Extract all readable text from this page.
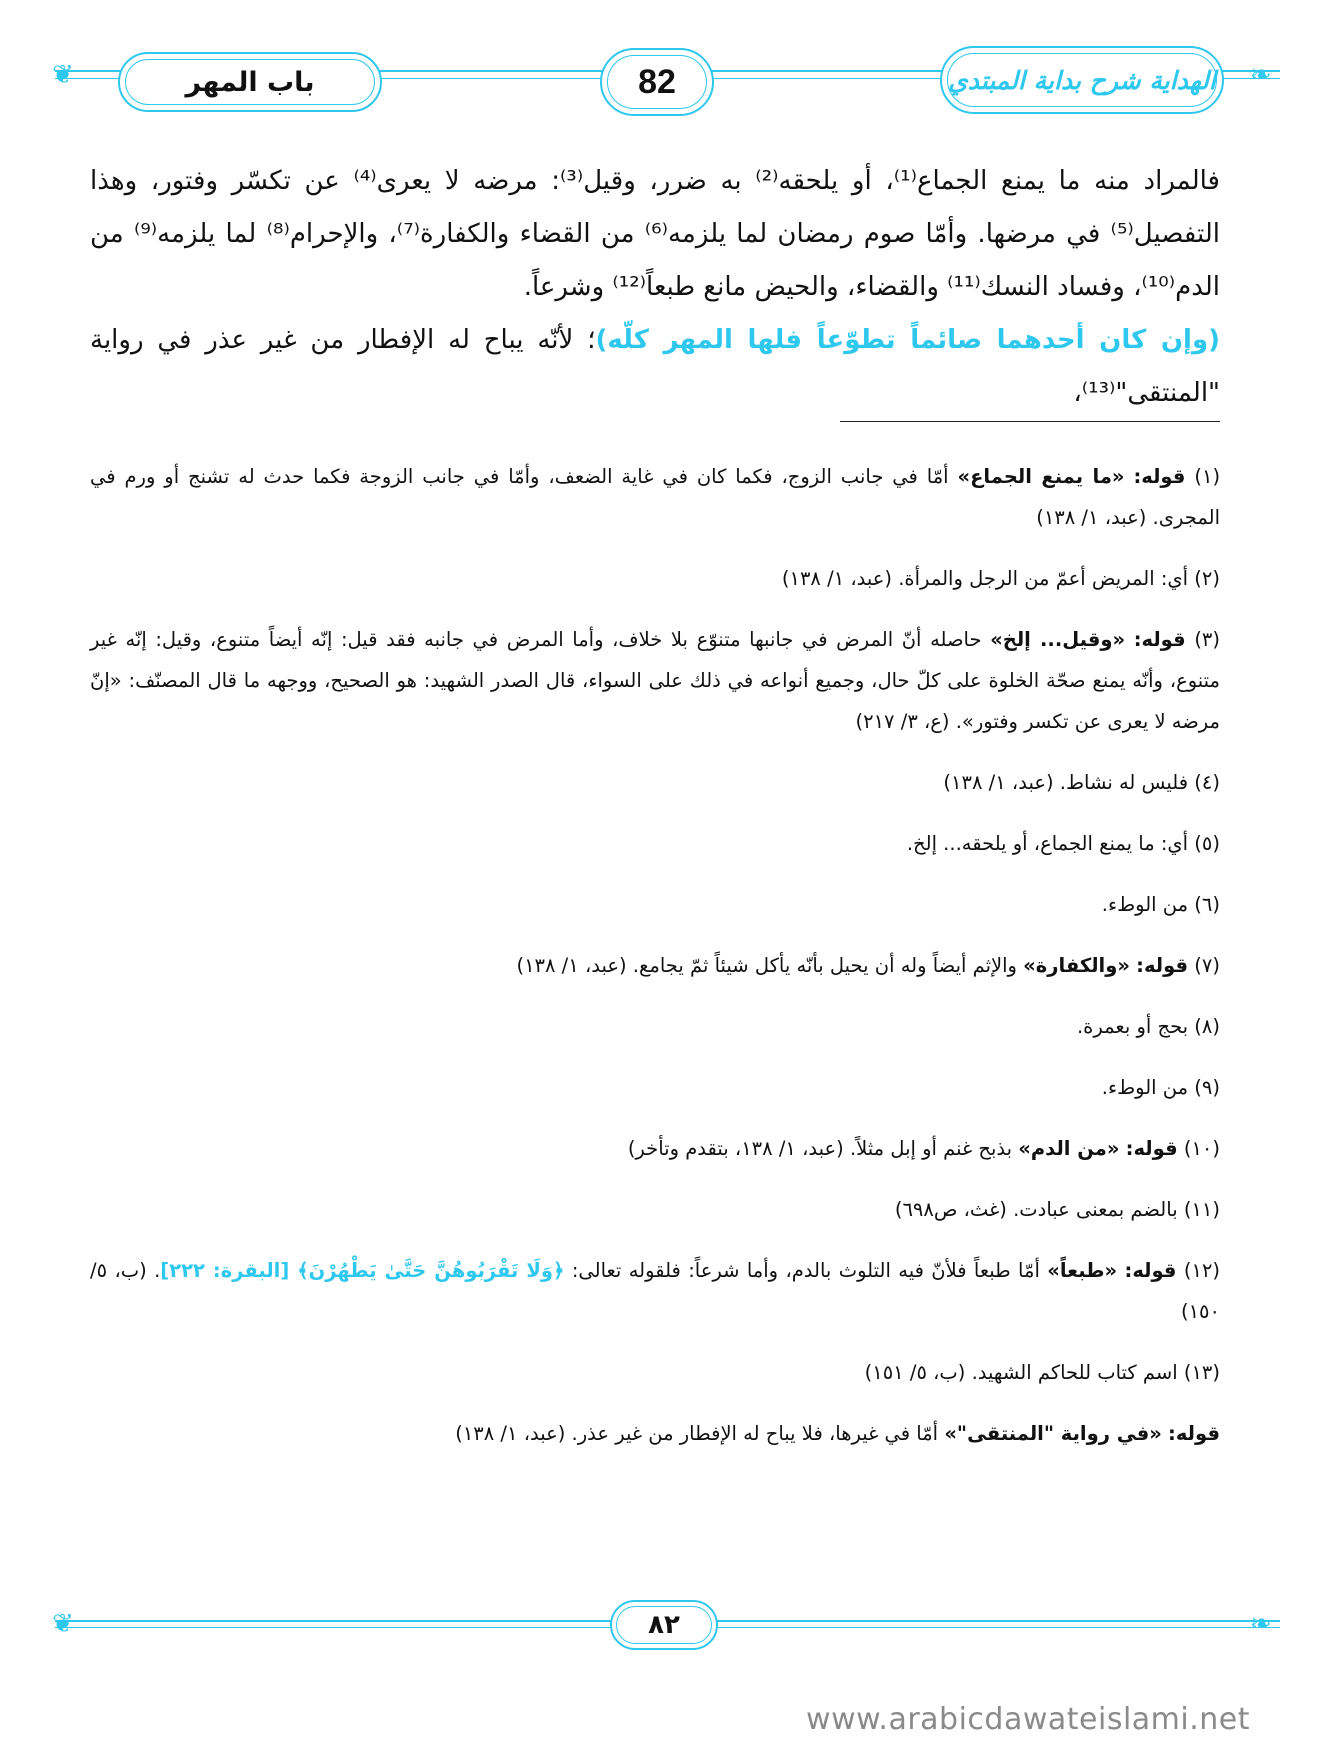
❦	❧
باب المهر	82	الهداية شرح بداية المبتدي

فالمراد منه ما يمنع الجماع⁽¹⁾، أو يلحقه⁽²⁾ به ضرر، وقيل⁽³⁾: مرضه لا يعرى⁽⁴⁾ عن تكسّر وفتور، وهذا التفصيل⁽⁵⁾ في مرضها. وأمّا صوم رمضان لما يلزمه⁽⁶⁾ من القضاء والكفارة⁽⁷⁾، والإحرام⁽⁸⁾ لما يلزمه⁽⁹⁾ من الدم⁽¹⁰⁾، وفساد النسك⁽¹¹⁾ والقضاء، والحيض مانع طبعاً⁽¹²⁾ وشرعاً.

(وإن كان أحدهما صائماً تطوّعاً فلها المهر كلّه)؛ لأنّه يباح له الإفطار من غير عذر في رواية "المنتقى"⁽¹³⁾،

(١) قوله: «ما يمنع الجماع» أمّا في جانب الزوج، فكما كان في غاية الضعف، وأمّا في جانب الزوجة فكما حدث له تشنج أو ورم في المجرى. (عبد، ١/ ١٣٨)

(٢) أي: المريض أعمّ من الرجل والمرأة. (عبد، ١/ ١٣٨)

(٣) قوله: «وقيل... إلخ» حاصله أنّ المرض في جانبها متنوّع بلا خلاف، وأما المرض في جانبه فقد قيل: إنّه أيضاً متنوع، وقيل: إنّه غير متنوع، وأنّه يمنع صحّة الخلوة على كلّ حال، وجميع أنواعه في ذلك على السواء، قال الصدر الشهيد: هو الصحيح، ووجهه ما قال المصنّف: «إنّ مرضه لا يعرى عن تكسر وفتور». (ع، ٣/ ٢١٧)

(٤) فليس له نشاط. (عبد، ١/ ١٣٨)

(٥) أي: ما يمنع الجماع، أو يلحقه... إلخ.

(٦) من الوطء.

(٧) قوله: «والكفارة» والإثم أيضاً وله أن يحيل بأنّه يأكل شيئاً ثمّ يجامع. (عبد، ١/ ١٣٨)

(٨) بحج أو بعمرة.

(٩) من الوطء.

(١٠) قوله: «من الدم» بذبح غنم أو إبل مثلاً. (عبد، ١/ ١٣٨، بتقدم وتأخر)

(١١) بالضم بمعنى عبادت. (غث، ص٦٩٨)

(١٢) قوله: «طبعاً» أمّا طبعاً فلأنّ فيه التلوث بالدم، وأما شرعاً: فلقوله تعالى: ﴿وَلَا تَقْرَبُوهُنَّ حَتَّىٰ يَطْهُرْنَ﴾ [البقرة: ٢٢٢]. (ب، ٥/ ١٥٠)

(١٣) اسم كتاب للحاكم الشهيد. (ب، ٥/ ١٥١)

قوله: «في رواية "المنتقى"» أمّا في غيرها، فلا يباح له الإفطار من غير عذر. (عبد، ١/ ١٣٨)

❦	❧
٨٢
www.arabicdawateislami.net
